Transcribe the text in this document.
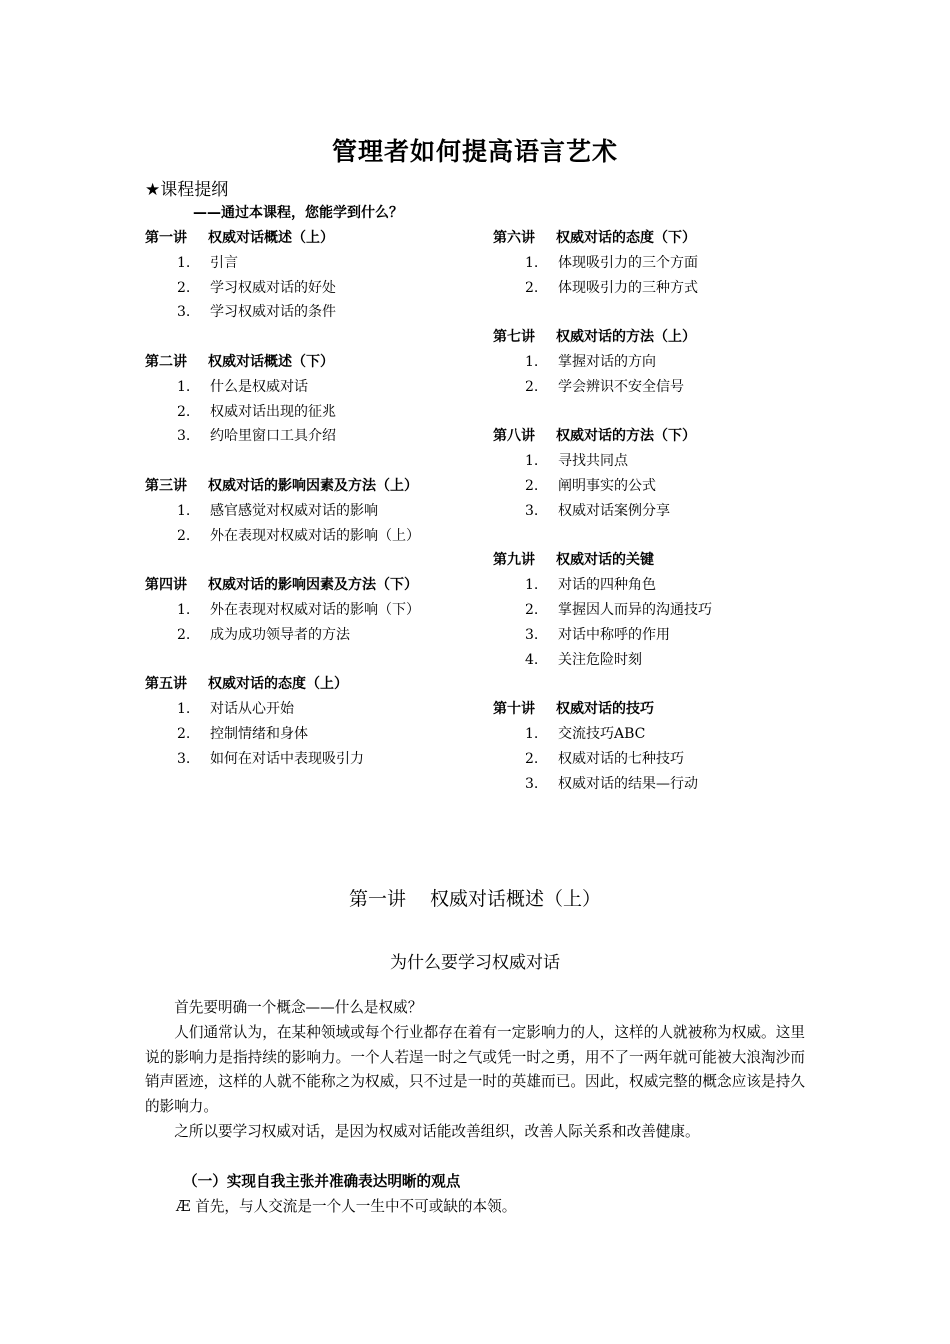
管理者如何提高语言艺术
★课程提纲
——通过本课程，您能学到什么？
第一讲 权威对话概述（上）
1. 引言
2. 学习权威对话的好处
3. 学习权威对话的条件
第二讲 权威对话概述（下）
1. 什么是权威对话
2. 权威对话出现的征兆
3. 约哈里窗口工具介绍
第三讲 权威对话的影响因素及方法（上）
1. 感官感觉对权威对话的影响
2. 外在表现对权威对话的影响（上）
第四讲 权威对话的影响因素及方法（下）
1. 外在表现对权威对话的影响（下）
2. 成为成功领导者的方法
第五讲 权威对话的态度（上）
1. 对话从心开始
2. 控制情绪和身体
3. 如何在对话中表现吸引力
第六讲 权威对话的态度（下）
1. 体现吸引力的三个方面
2. 体现吸引力的三种方式
第七讲 权威对话的方法（上）
1. 掌握对话的方向
2. 学会辨识不安全信号
第八讲 权威对话的方法（下）
1. 寻找共同点
2. 阐明事实的公式
3. 权威对话案例分享
第九讲 权威对话的关键
1. 对话的四种角色
2. 掌握因人而异的沟通技巧
3. 对话中称呼的作用
4. 关注危险时刻
第十讲 权威对话的技巧
1. 交流技巧ABC
2. 权威对话的七种技巧
3. 权威对话的结果—行动
第一讲 权威对话概述（上）
为什么要学习权威对话

首先要明确一个概念——什么是权威？

人们通常认为，在某种领域或每个行业都存在着有一定影响力的人，这样的人就被称为权威。这里说的影响力是指持续的影响力。一个人若逞一时之气或凭一时之勇，用不了一两年就可能被大浪淘沙而销声匿迹，这样的人就不能称之为权威，只不过是一时的英雄而已。因此，权威完整的概念应该是持久的影响力。

之所以要学习权威对话，是因为权威对话能改善组织，改善人际关系和改善健康。

（一）实现自我主张并准确表达明晰的观点
Æ 首先，与人交流是一个人一生中不可或缺的本领。
